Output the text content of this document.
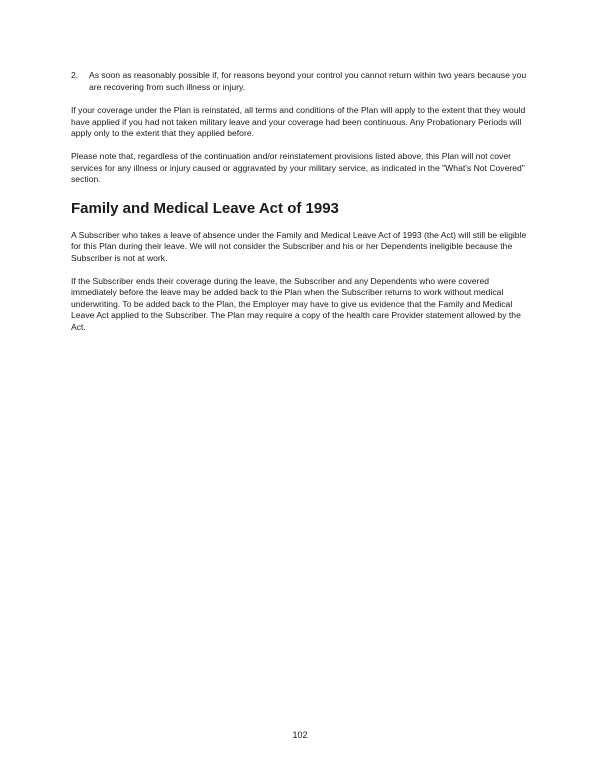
2. As soon as reasonably possible if, for reasons beyond your control you cannot return within two years because you are recovering from such illness or injury.

If your coverage under the Plan is reinstated, all terms and conditions of the Plan will apply to the extent that they would have applied if you had not taken military leave and your coverage had been continuous. Any Probationary Periods will apply only to the extent that they applied before.

Please note that, regardless of the continuation and/or reinstatement provisions listed above, this Plan will not cover services for any illness or injury caused or aggravated by your military service, as indicated in the "What's Not Covered" section.

Family and Medical Leave Act of 1993

A Subscriber who takes a leave of absence under the Family and Medical Leave Act of 1993 (the Act) will still be eligible for this Plan during their leave. We will not consider the Subscriber and his or her Dependents ineligible because the Subscriber is not at work.

If the Subscriber ends their coverage during the leave, the Subscriber and any Dependents who were covered immediately before the leave may be added back to the Plan when the Subscriber returns to work without medical underwriting. To be added back to the Plan, the Employer may have to give us evidence that the Family and Medical Leave Act applied to the Subscriber. The Plan may require a copy of the health care Provider statement allowed by the Act.

102
